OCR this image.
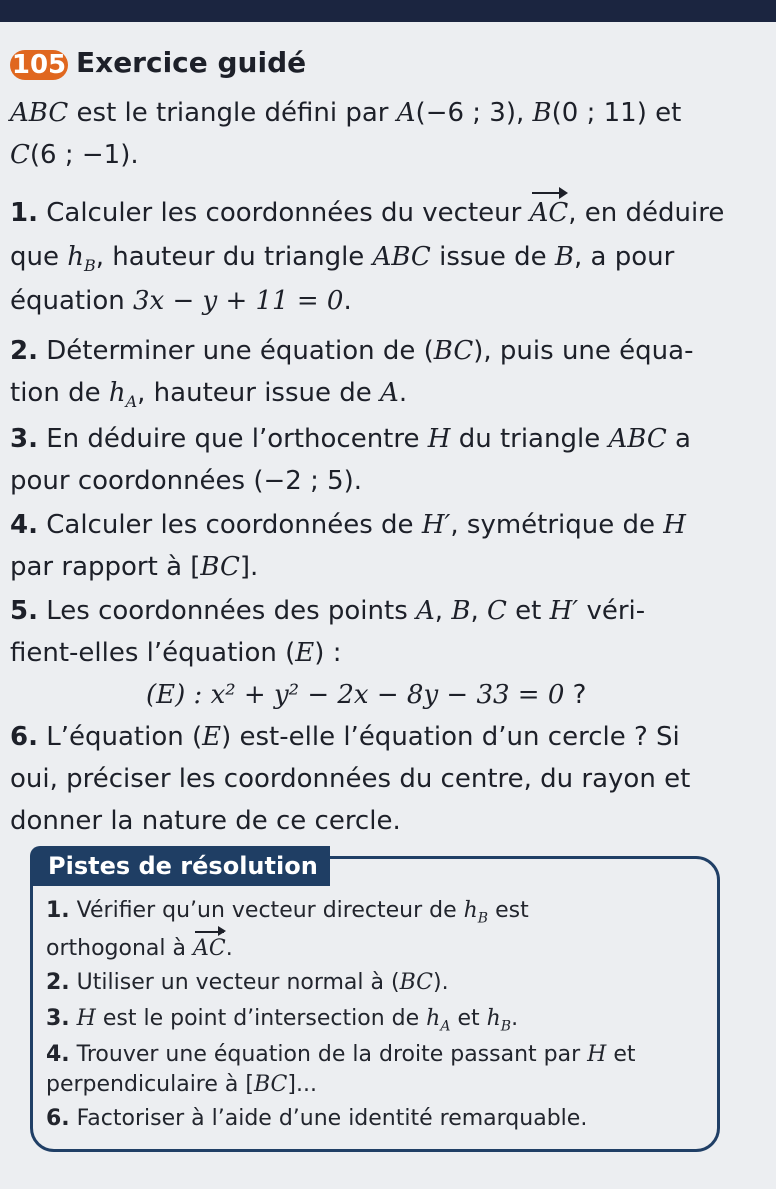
105 Exercice guidé
ABC est le triangle défini par A(−6 ; 3), B(0 ; 11) et
C(6 ; −1).
1. Calculer les coordonnées du vecteur AC, en déduire
que $h_B$, hauteur du triangle ABC issue de B, a pour
équation 3x − y + 11 = 0.
2. Déterminer une équation de (BC), puis une équa-
tion de $h_A$, hauteur issue de A.
3. En déduire que l’orthocentre H du triangle ABC a
pour coordonnées (−2 ; 5).
4. Calculer les coordonnées de H′, symétrique de H
par rapport à [BC].
5. Les coordonnées des points A, B, C et H′ véri-
fient-elles l’équation (E) :
(E) : x² + y² − 2x − 8y − 33 = 0 ?
6. L’équation (E) est-elle l’équation d’un cercle ? Si
oui, préciser les coordonnées du centre, du rayon et
donner la nature de ce cercle.
Pistes de résolution
1. Vérifier qu’un vecteur directeur de $h_B$ est
orthogonal à AC.
2. Utiliser un vecteur normal à (BC).
3. H est le point d’intersection de $h_A$ et $h_B$.
4. Trouver une équation de la droite passant par H et
perpendiculaire à [BC]...
6. Factoriser à l’aide d’une identité remarquable.
